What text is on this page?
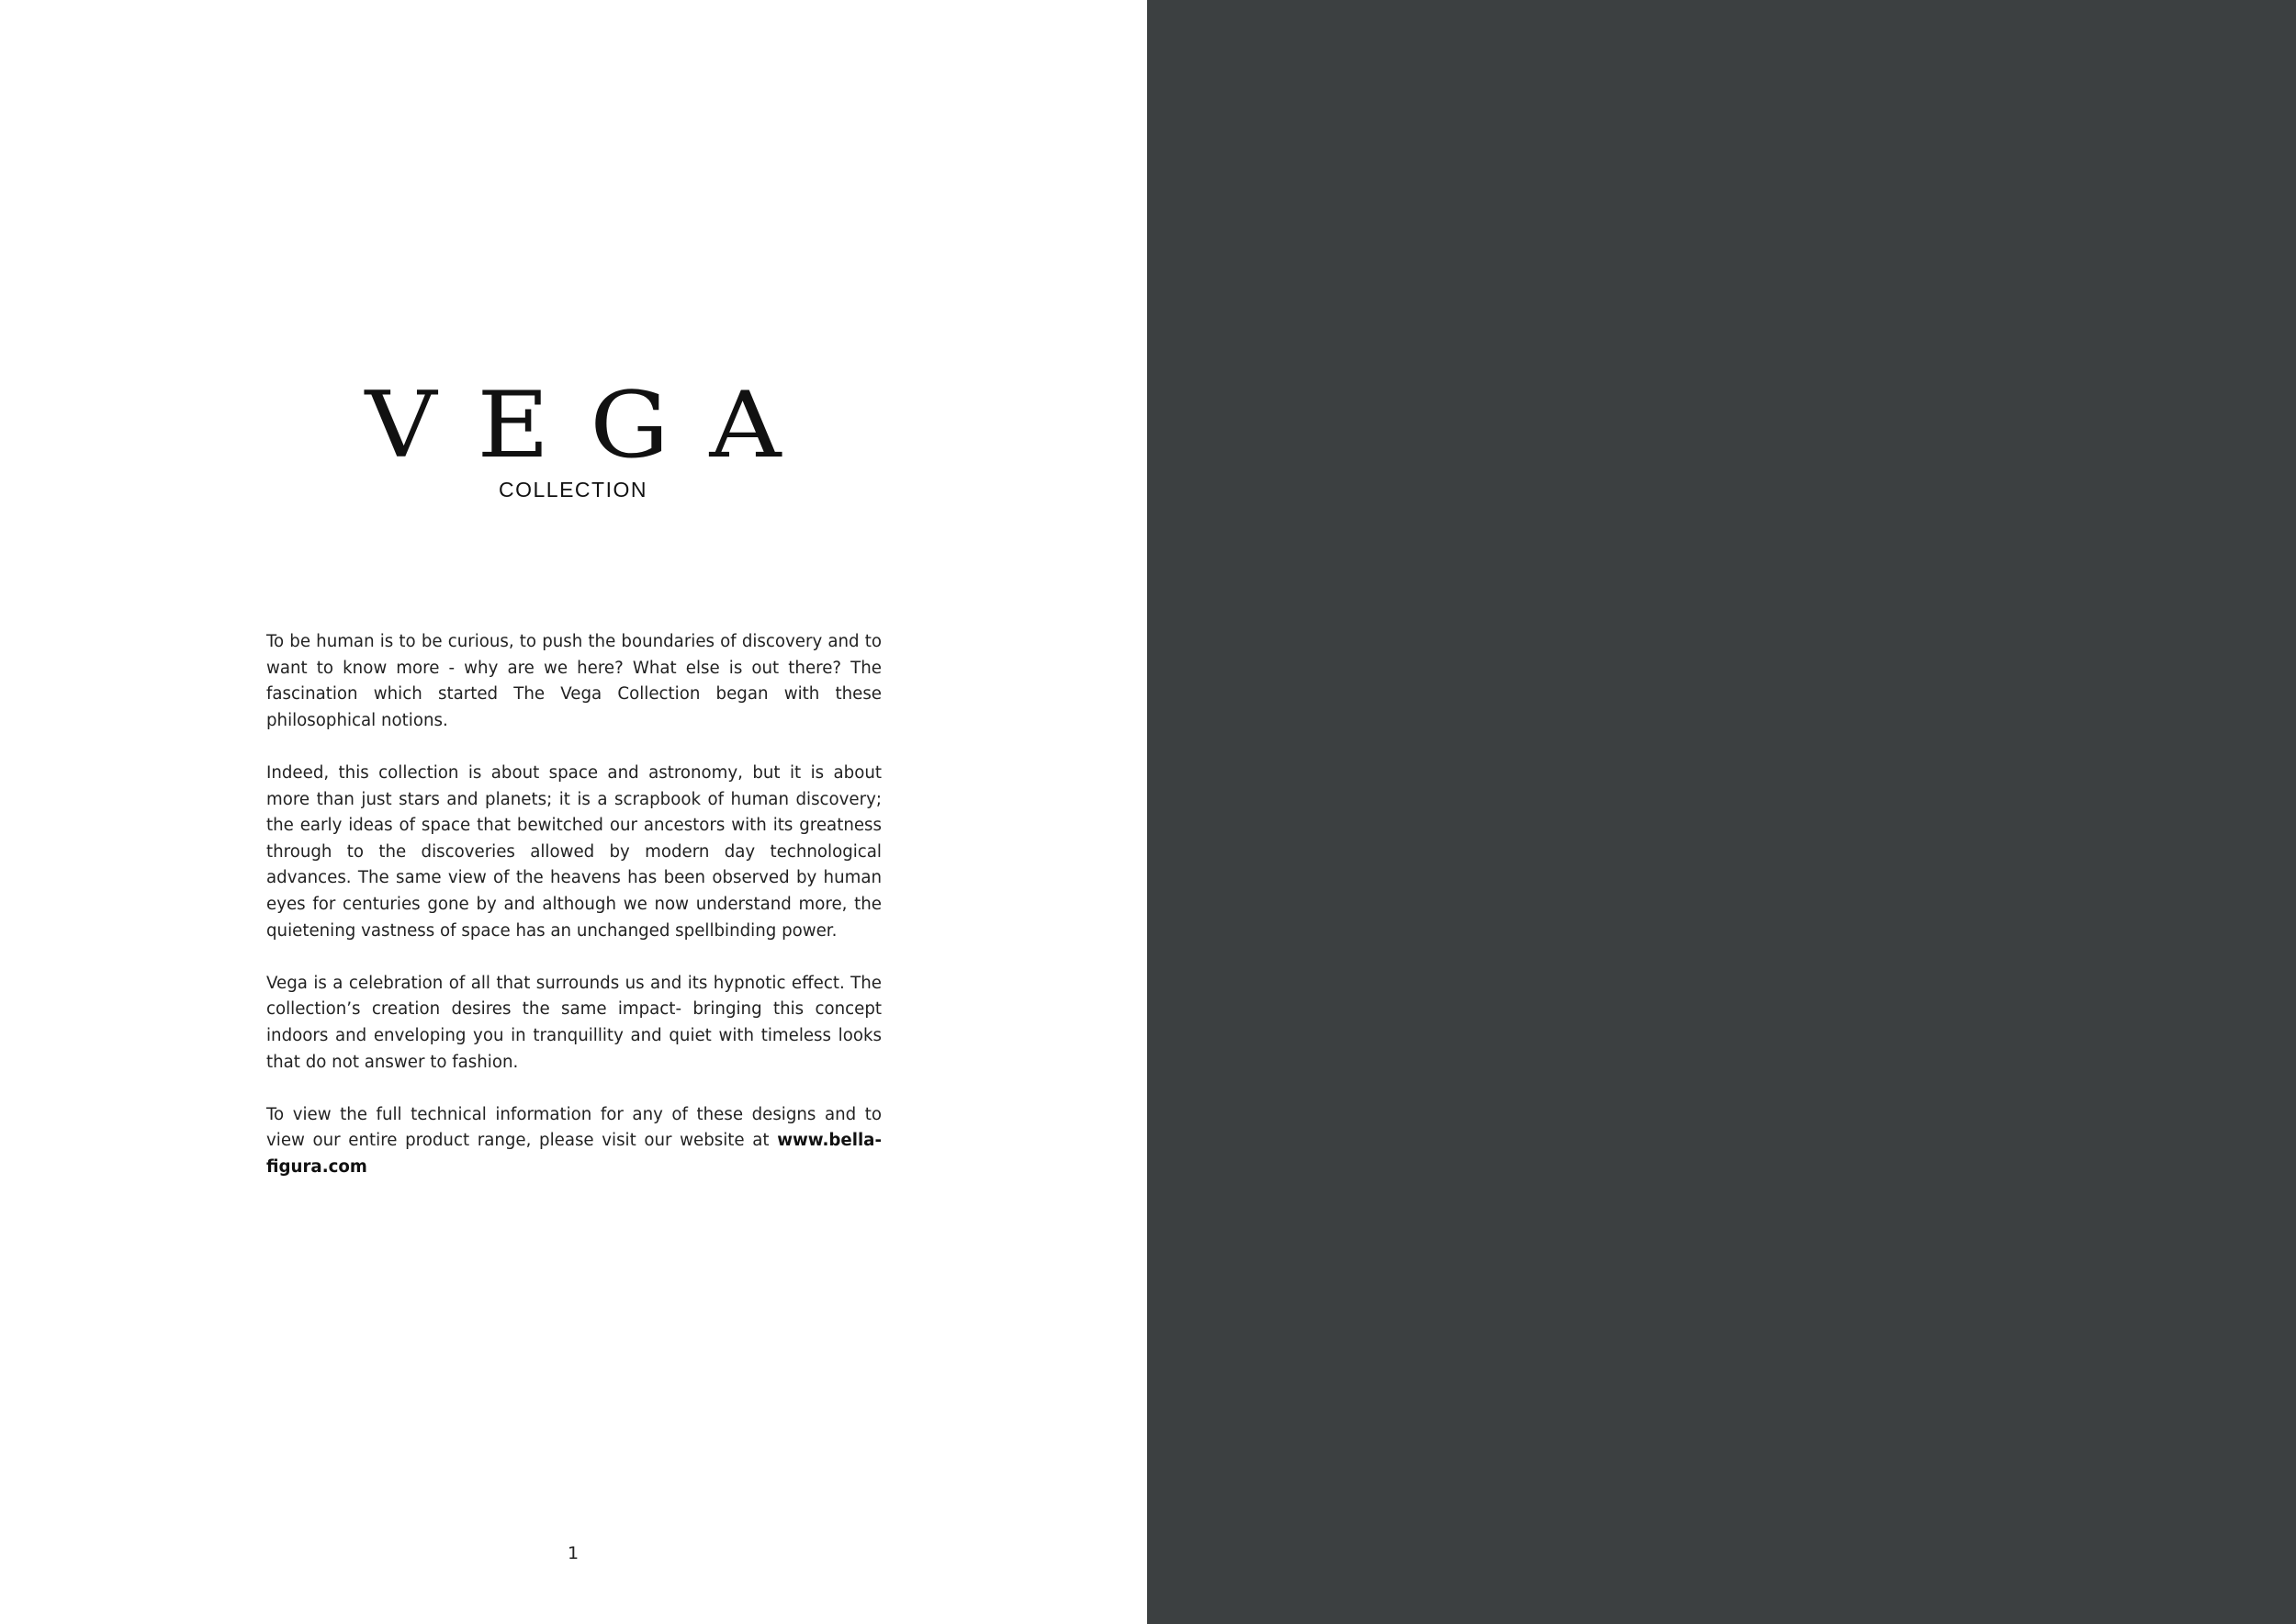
VEGA
COLLECTION

To be human is to be curious, to push the boundaries of discovery and to want to know more - why are we here? What else is out there? The fascination which started The Vega Collection began with these philosophical notions.

Indeed, this collection is about space and astronomy, but it is about more than just stars and planets; it is a scrapbook of human discovery; the early ideas of space that bewitched our ancestors with its greatness through to the discoveries allowed by modern day technological advances. The same view of the heavens has been observed by human eyes for centuries gone by and although we now understand more, the quietening vastness of space has an unchanged spellbinding power.

Vega is a celebration of all that surrounds us and its hypnotic effect. The collection’s creation desires the same impact- bringing this concept indoors and enveloping you in tranquillity and quiet with timeless looks that do not answer to fashion.

To view the full technical information for any of these designs and to view our entire product range, please visit our website at www.bella-figura.com

1
